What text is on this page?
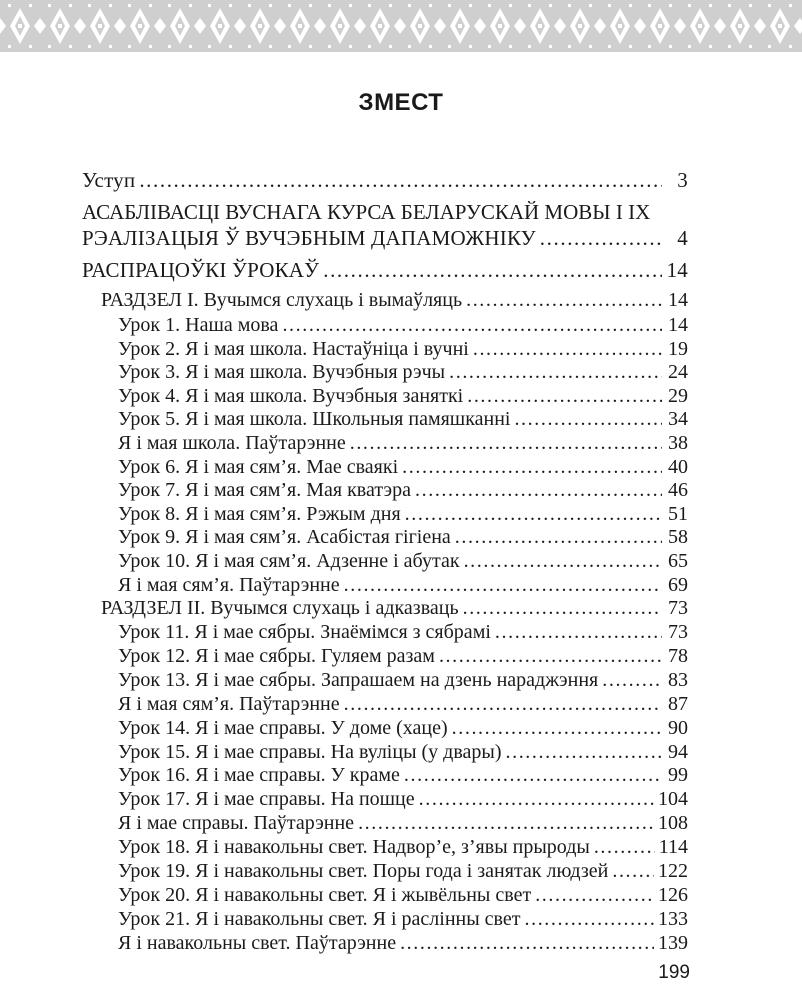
ЗМЕСТ
Уступ .....	3
АСАБЛІВАСЦІ ВУСНАГА КУРСА БЕЛАРУСКАЙ МОВЫ І ІХ
РЭАЛІЗАЦЫЯ Ў ВУЧЭБНЫМ ДАПАМОЖНІКУ .....	4
РАСПРАЦОЎКІ ЎРОКАЎ .....	14
РАЗДЗЕЛ I. Вучымся слухаць і вымаўляць .....	14
Урок 1. Наша мова .....	14
Урок 2. Я і мая школа. Настаўніца і вучні .....	19
Урок 3. Я і мая школа. Вучэбныя рэчы .....	24
Урок 4. Я і мая школа. Вучэбныя заняткі .....	29
Урок 5. Я і мая школа. Школьныя памяшканні .....	34
Я і мая школа. Паўтарэнне .....	38
Урок 6. Я і мая сям’я. Мае сваякі .....	40
Урок 7. Я і мая сям’я. Мая кватэра .....	46
Урок 8. Я і мая сям’я. Рэжым дня .....	51
Урок 9. Я і мая сям’я. Асабістая гігіена .....	58
Урок 10. Я і мая сям’я. Адзенне і абутак .....	65
Я і мая сям’я. Паўтарэнне .....	69
РАЗДЗЕЛ II. Вучымся слухаць і адказваць .....	73
Урок 11. Я і мае сябры. Знаёмімся з сябрамі .....	73
Урок 12. Я і мае сябры. Гуляем разам .....	78
Урок 13. Я і мае сябры. Запрашаем на дзень нараджэння .....	83
Я і мая сям’я. Паўтарэнне .....	87
Урок 14. Я і мае справы. У доме (хаце) .....	90
Урок 15. Я і мае справы. На вуліцы (у двары) .....	94
Урок 16. Я і мае справы. У краме .....	99
Урок 17. Я і мае справы. На пошце .....	104
Я і мае справы. Паўтарэнне .....	108
Урок 18. Я і навакольны свет. Надвор’е, з’явы прыроды .....	114
Урок 19. Я і навакольны свет. Поры года і занятак людзей ..... 122
Урок 20. Я і навакольны свет. Я і жывёльны свет .....	126
Урок 21. Я і навакольны свет. Я і раслінны свет .....	133
Я і навакольны свет. Паўтарэнне .....	139
199
